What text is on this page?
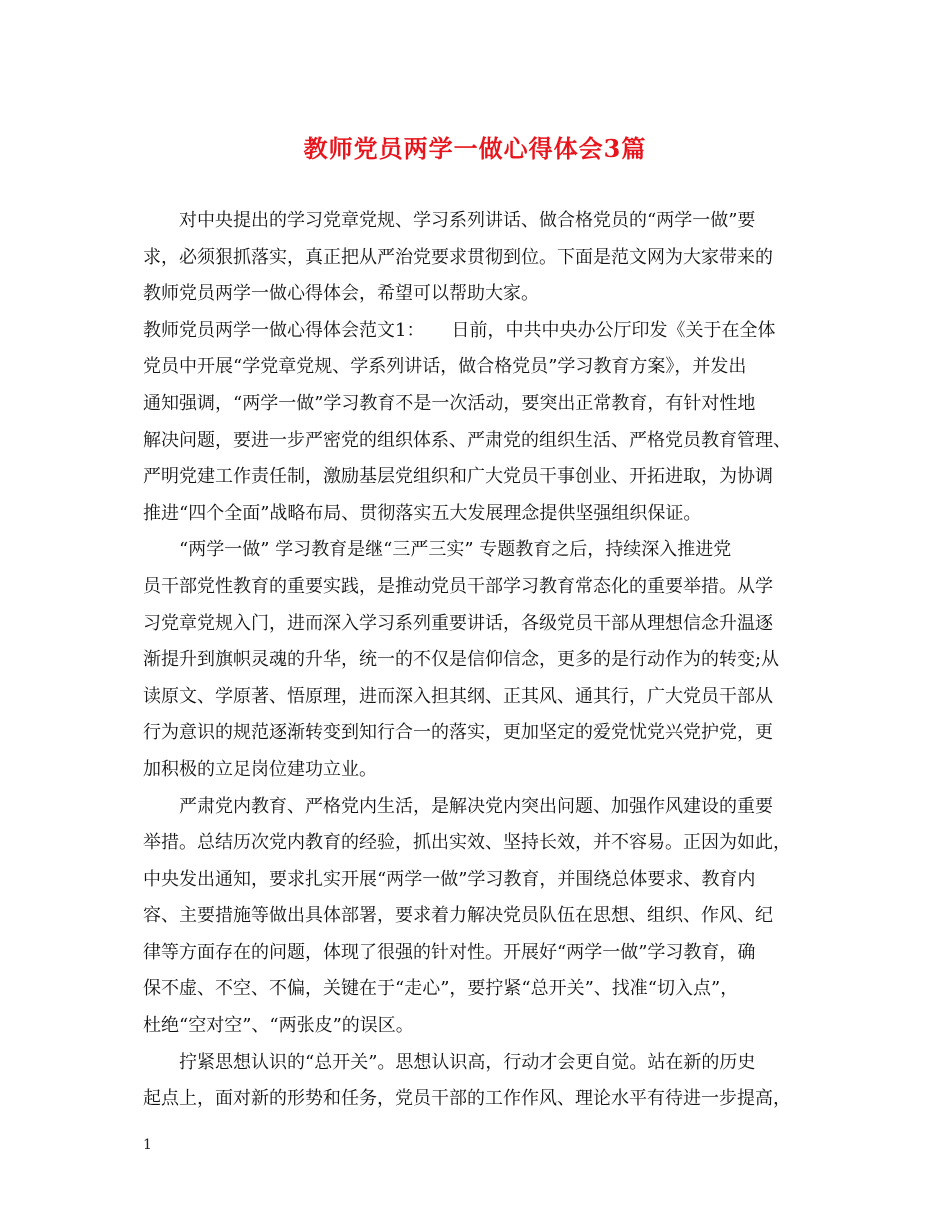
教师党员两学一做心得体会3篇
对中央提出的学习党章党规、学习系列讲话、做合格党员的“两学一做”要
求，必须狠抓落实，真正把从严治党要求贯彻到位。下面是范文网为大家带来的
教师党员两学一做心得体会，希望可以帮助大家。
教师党员两学一做心得体会范文1：　　日前，中共中央办公厅印发《关于在全体
党员中开展“学党章党规、学系列讲话，做合格党员”学习教育方案》，并发出
通知强调，“两学一做”学习教育不是一次活动，要突出正常教育，有针对性地
解决问题，要进一步严密党的组织体系、严肃党的组织生活、严格党员教育管理、
严明党建工作责任制，激励基层党组织和广大党员干事创业、开拓进取，为协调
推进“四个全面”战略布局、贯彻落实五大发展理念提供坚强组织保证。
“两学一做” 学习教育是继“三严三实” 专题教育之后，持续深入推进党
员干部党性教育的重要实践，是推动党员干部学习教育常态化的重要举措。从学
习党章党规入门，进而深入学习系列重要讲话，各级党员干部从理想信念升温逐
渐提升到旗帜灵魂的升华，统一的不仅是信仰信念，更多的是行动作为的转变;从
读原文、学原著、悟原理，进而深入担其纲、正其风、通其行，广大党员干部从
行为意识的规范逐渐转变到知行合一的落实，更加坚定的爱党忧党兴党护党，更
加积极的立足岗位建功立业。
严肃党内教育、严格党内生活，是解决党内突出问题、加强作风建设的重要
举措。总结历次党内教育的经验，抓出实效、坚持长效，并不容易。正因为如此，
中央发出通知，要求扎实开展“两学一做”学习教育，并围绕总体要求、教育内
容、主要措施等做出具体部署，要求着力解决党员队伍在思想、组织、作风、纪
律等方面存在的问题，体现了很强的针对性。开展好“两学一做”学习教育，确
保不虚、不空、不偏，关键在于“走心”，要拧紧“总开关”、找准“切入点”，
杜绝“空对空”、“两张皮”的误区。
拧紧思想认识的“总开关”。思想认识高，行动才会更自觉。站在新的历史
起点上，面对新的形势和任务，党员干部的工作作风、理论水平有待进一步提高，
1
